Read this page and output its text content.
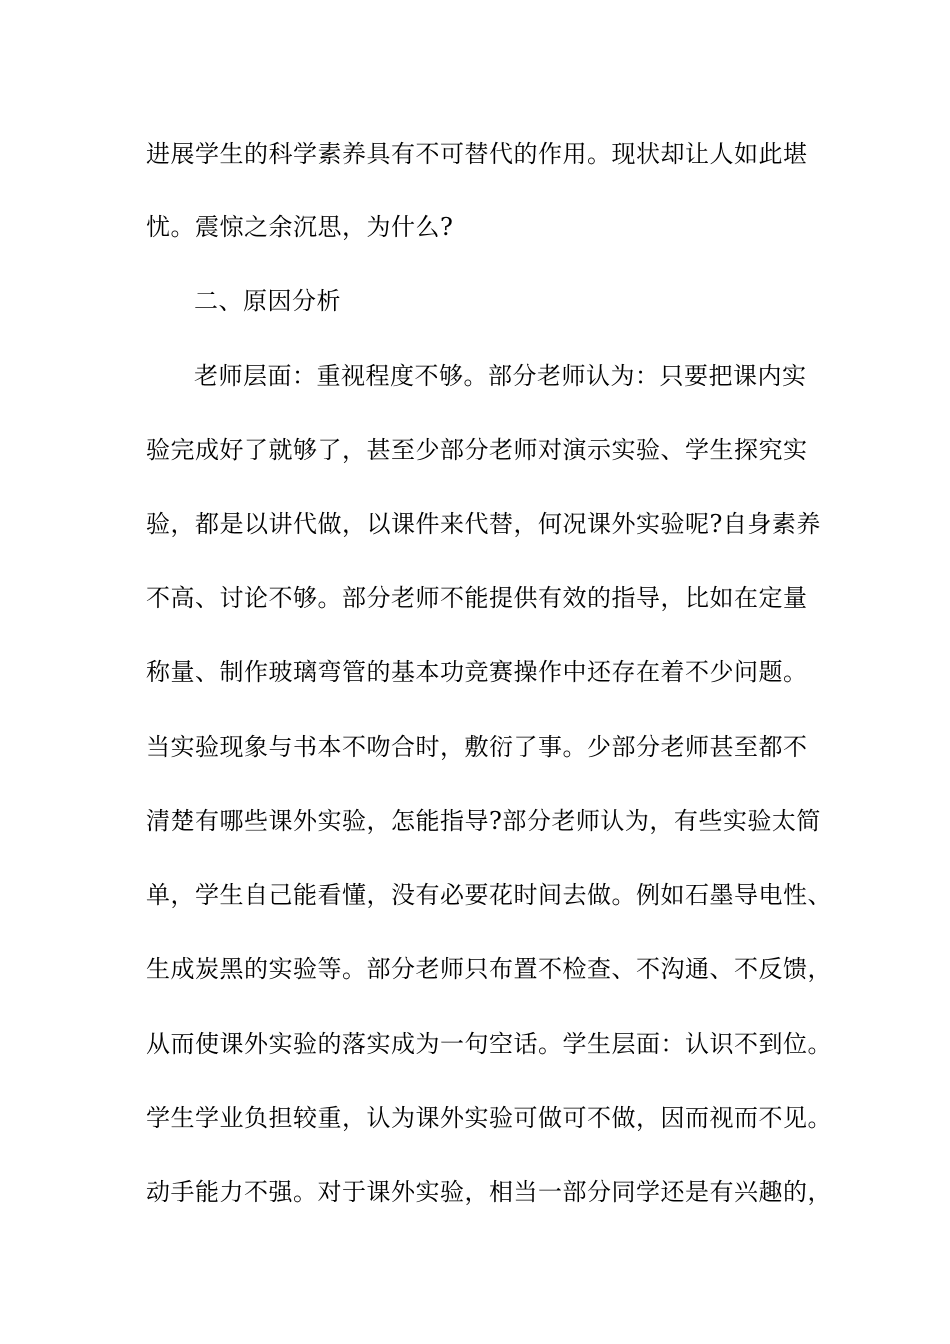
进展学生的科学素养具有不可替代的作用。现状却让人如此堪
忧。震惊之余沉思，为什么?
二、原因分析
老师层面：重视程度不够。部分老师认为：只要把课内实
验完成好了就够了，甚至少部分老师对演示实验、学生探究实
验，都是以讲代做，以课件来代替，何况课外实验呢?自身素养
不高、讨论不够。部分老师不能提供有效的指导，比如在定量
称量、制作玻璃弯管的基本功竞赛操作中还存在着不少问题。
当实验现象与书本不吻合时，敷衍了事。少部分老师甚至都不
清楚有哪些课外实验，怎能指导?部分老师认为，有些实验太简
单，学生自己能看懂，没有必要花时间去做。例如石墨导电性、
生成炭黑的实验等。部分老师只布置不检查、不沟通、不反馈，
从而使课外实验的落实成为一句空话。学生层面：认识不到位。
学生学业负担较重，认为课外实验可做可不做，因而视而不见。
动手能力不强。对于课外实验，相当一部分同学还是有兴趣的，
